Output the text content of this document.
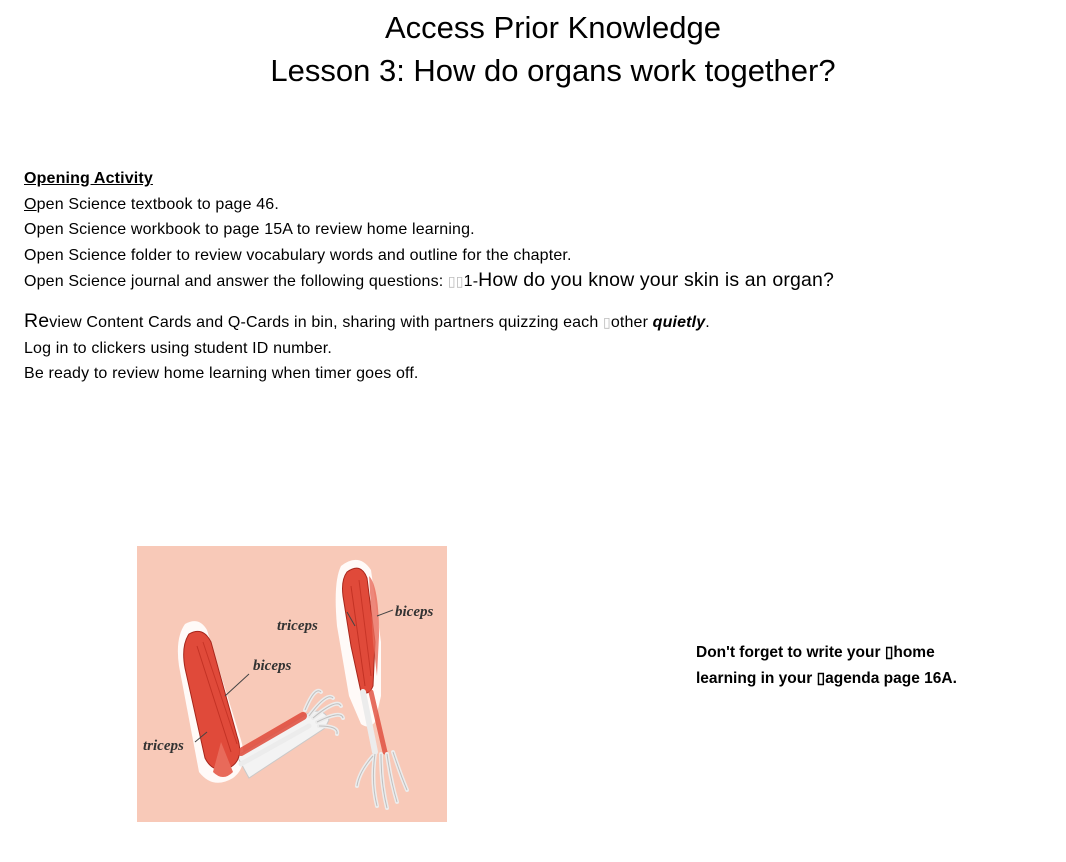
Access Prior Knowledge
Lesson 3: How do organs work together?
Opening Activity
Open Science textbook to page 46.
Open Science workbook to page 15A to review home learning.
Open Science folder to review vocabulary words and outline for the chapter.
Open Science journal and answer the following questions: ▯▯1-How do you know your skin is an organ?
Review Content Cards and Q-Cards in bin, sharing with partners quizzing each ▯other quietly.
Log in to clickers using student ID number.
Be ready to review home learning when timer goes off.
triceps
biceps
biceps
triceps
Don't forget to write your ▯home
learning in your ▯agenda page 16A.
